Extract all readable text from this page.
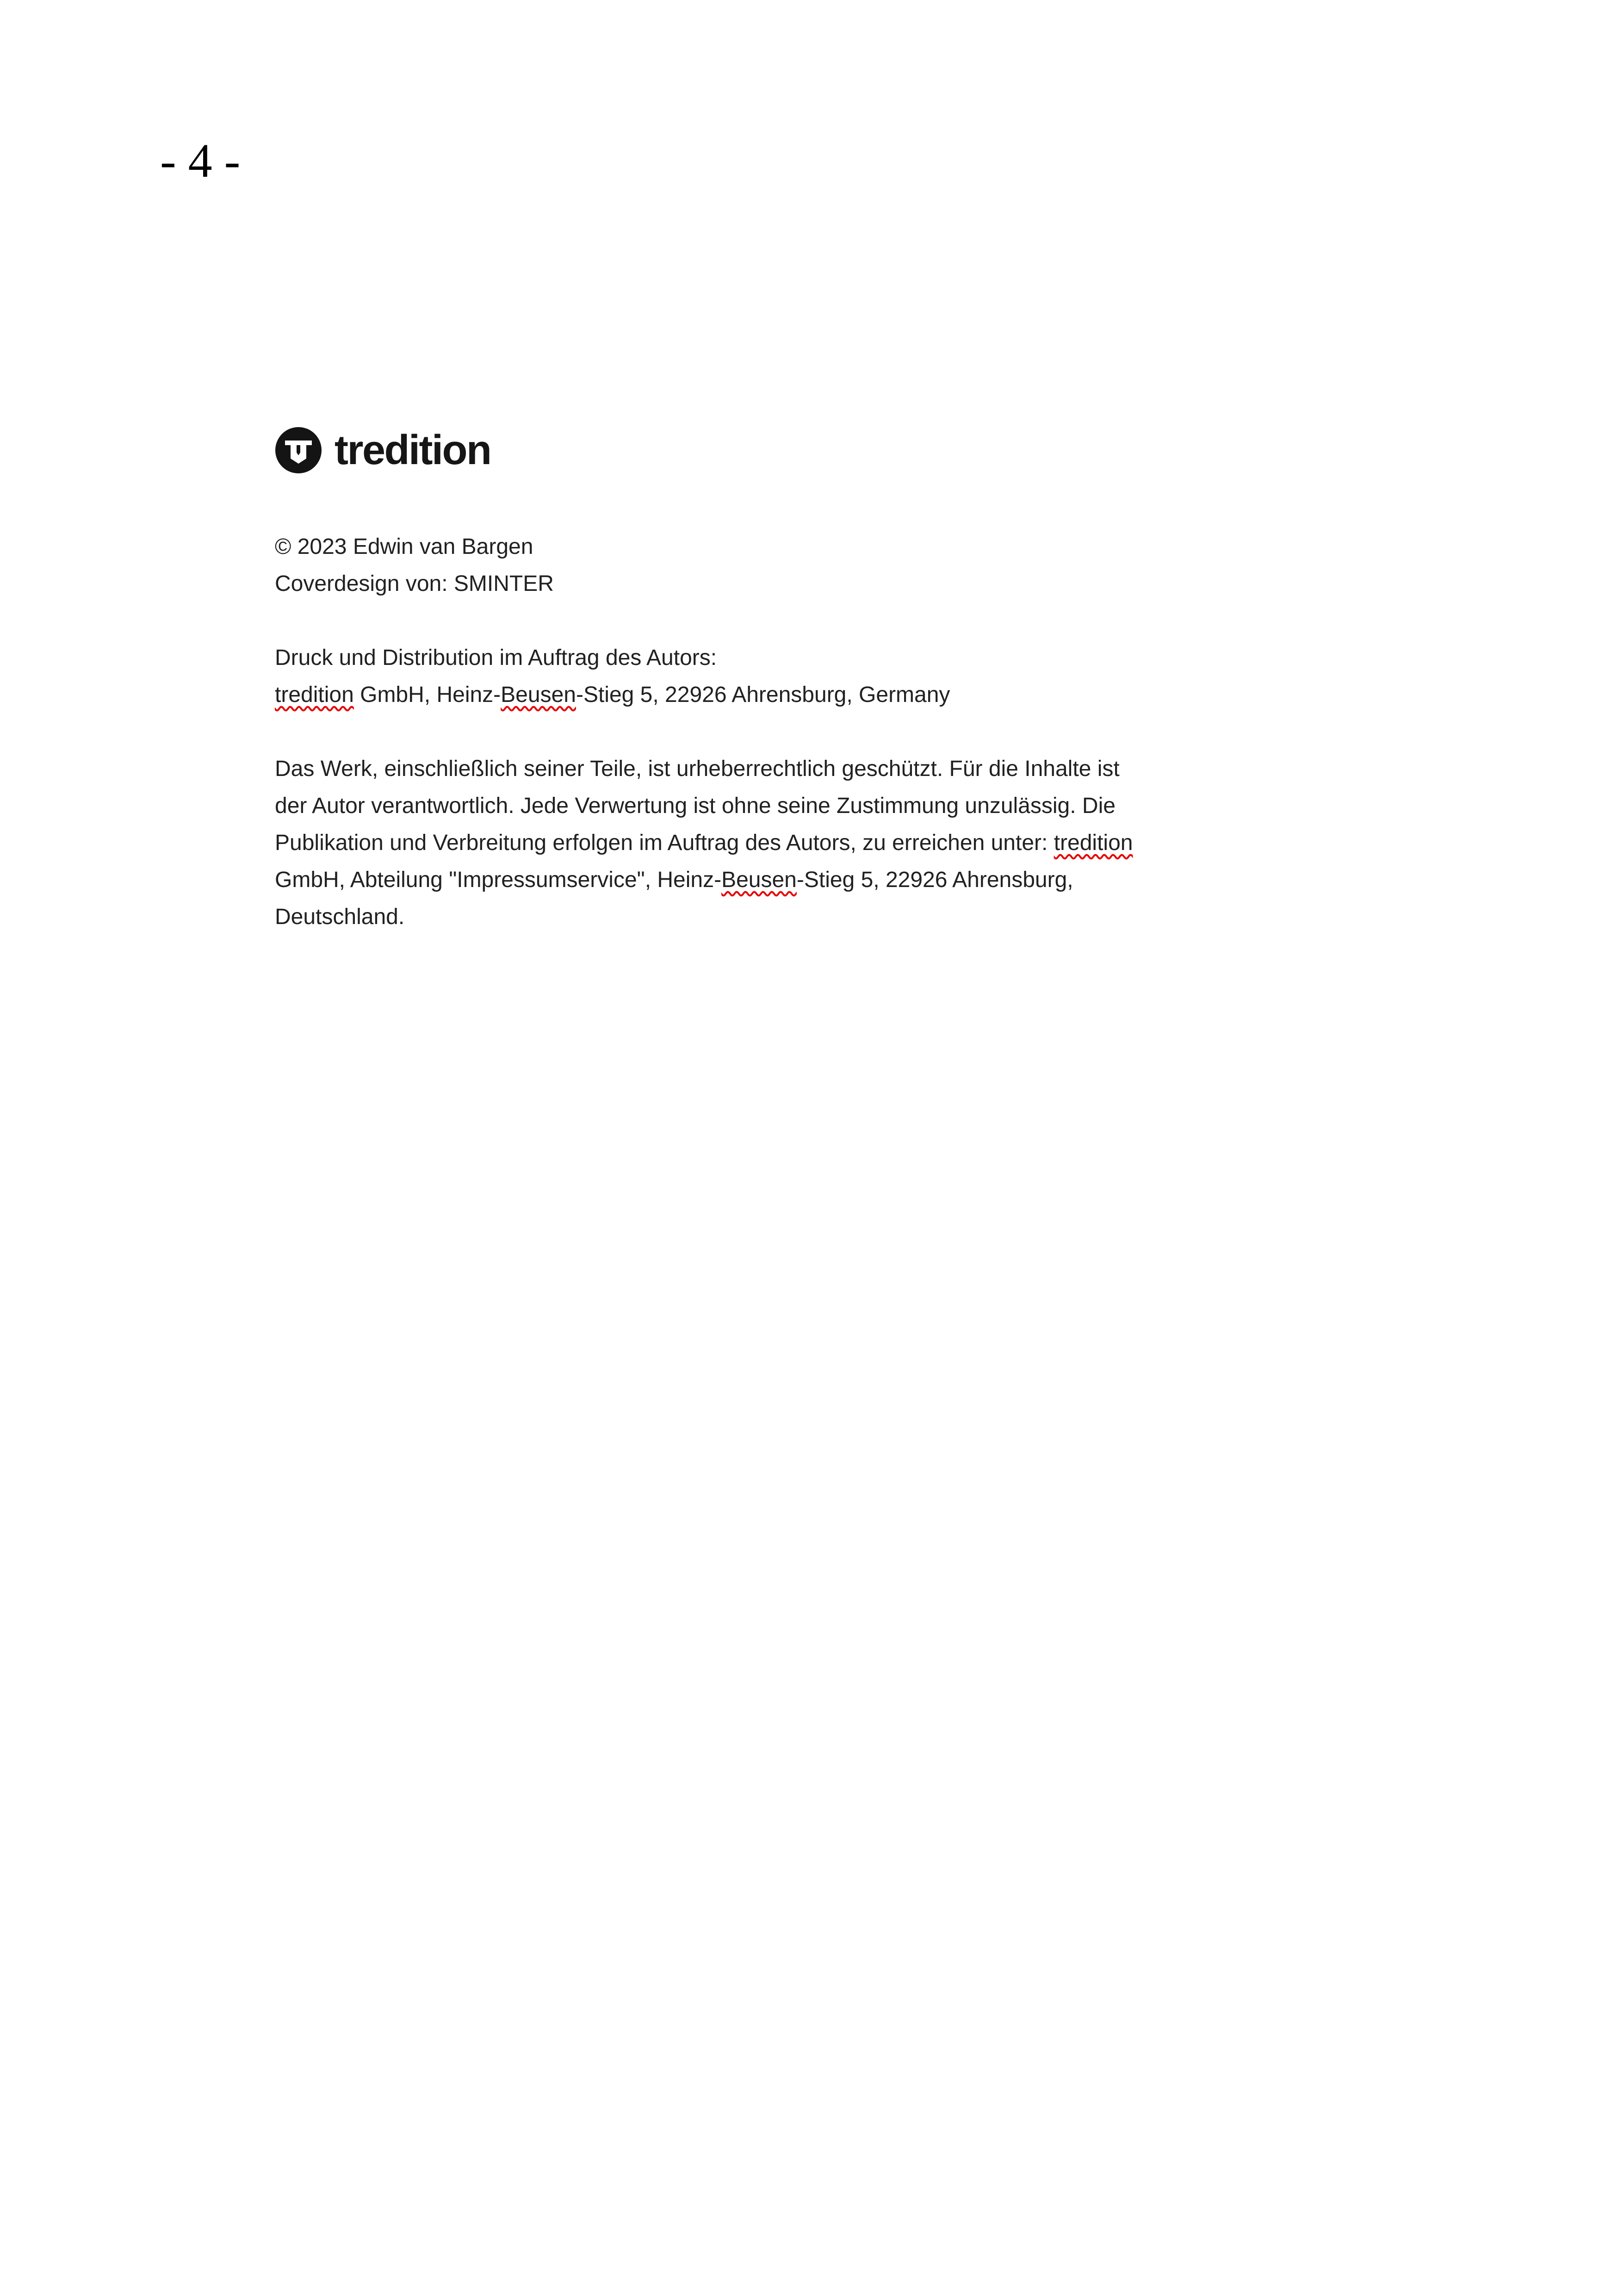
- 4 -
tredition
© 2023 Edwin van Bargen
Coverdesign von: SMINTER
Druck und Distribution im Auftrag des Autors:
tredition GmbH, Heinz-Beusen-Stieg 5, 22926 Ahrensburg, Germany
Das Werk, einschließlich seiner Teile, ist urheberrechtlich geschützt. Für die Inhalte ist
der Autor verantwortlich. Jede Verwertung ist ohne seine Zustimmung unzulässig. Die
Publikation und Verbreitung erfolgen im Auftrag des Autors, zu erreichen unter: tredition
GmbH, Abteilung "Impressumservice", Heinz-Beusen-Stieg 5, 22926 Ahrensburg,
Deutschland.
